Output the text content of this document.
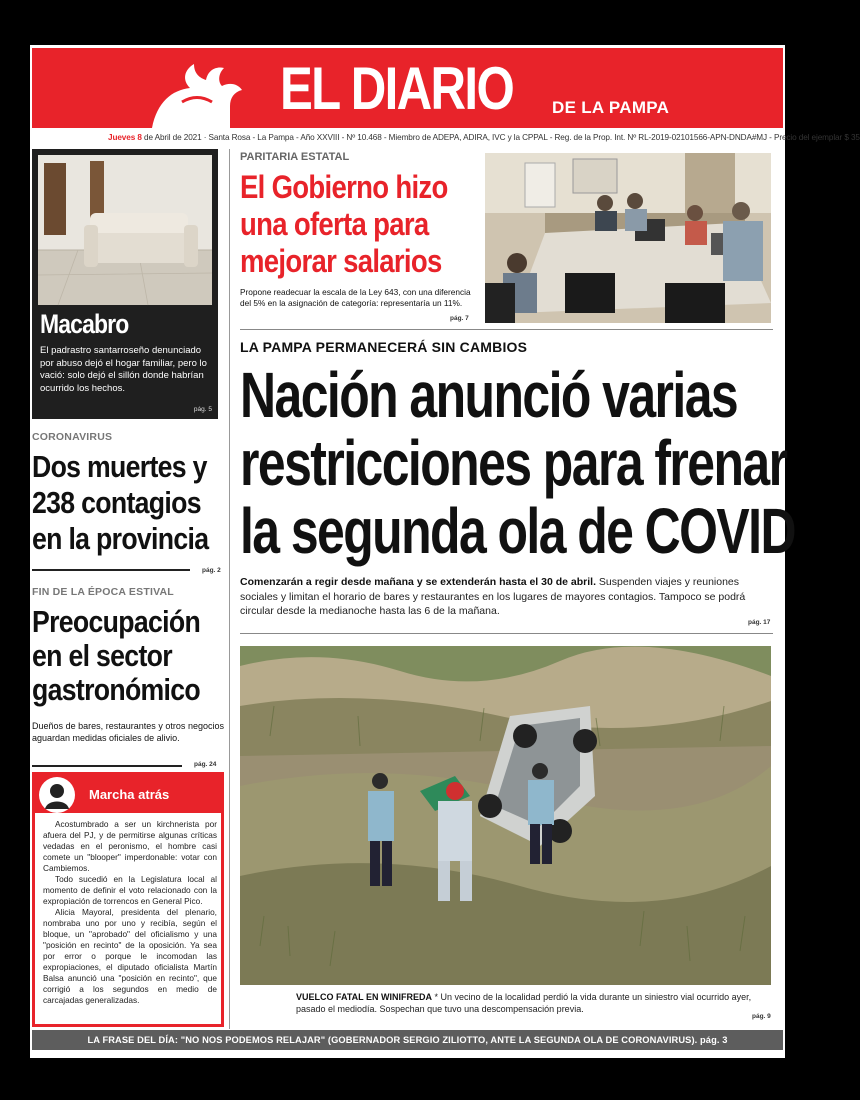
EL DIARIO DE LA PAMPA
Jueves 8 de Abril de 2021 · Santa Rosa - La Pampa - Año XXVIII - Nº 10.468 - Miembro de ADEPA, ADIRA, IVC y la CPPAL - Reg. de la Prop. Int. Nº RL-2019-02101566-APN-DNDA#MJ - Precio del ejemplar $ 35
Macabro

El padrastro santarroseño denunciado por abuso dejó el hogar familiar, pero lo vació: solo dejó el sillón donde habrían ocurrido los hechos.

pág. 5
CORONAVIRUS
Dos muertes y
238 contagios
en la provincia
pág. 2
FIN DE LA ÉPOCA ESTIVAL
Preocupación
en el sector
gastronómico
Dueños de bares, restaurantes y otros negocios aguardan medidas oficiales de alivio.
pág. 24
Marcha atrás

Acostumbrado a ser un kirchnerista por afuera del PJ, y de permitirse algunas críticas vedadas en el peronismo, el hombre casi comete un "blooper" imperdonable: votar con Cambiemos.

Todo sucedió en la Legislatura local al momento de definir el voto relacionado con la expropiación de torrencos en General Pico.

Alicia Mayoral, presidenta del plenario, nombraba uno por uno y recibía, según el bloque, un "aprobado" del oficialismo y una "posición en recinto" de la oposición. Ya sea por error o porque le incomodan las expropiaciones, el diputado oficialista Martín Balsa anunció una "posición en recinto", que corrigió a los segundos en medio de carcajadas generalizadas.

PARITARIA ESTATAL
El Gobierno hizo
una oferta para
mejorar salarios
Propone readecuar la escala de la Ley 643, con una diferencia del 5% en la asignación de categoría: representaría un 11%.
pág. 7
LA PAMPA PERMANECERÁ SIN CAMBIOS
Nación anunció varias
restricciones para frenar
la segunda ola de COVID
Comenzarán a regir desde mañana y se extenderán hasta el 30 de abril. Suspenden viajes y reuniones sociales y limitan el horario de bares y restaurantes en los lugares de mayores contagios. Tampoco se podrá circular desde la medianoche hasta las 6 de la mañana.
pág. 17
VUELCO FATAL EN WINIFREDA * Un vecino de la localidad perdió la vida durante un siniestro vial ocurrido ayer, pasado el mediodía. Sospechan que tuvo una descompensación previa.
pág. 9
LA FRASE DEL DÍA: "NO NOS PODEMOS RELAJAR" (GOBERNADOR SERGIO ZILIOTTO, ANTE LA SEGUNDA OLA DE CORONAVIRUS). pág. 3
